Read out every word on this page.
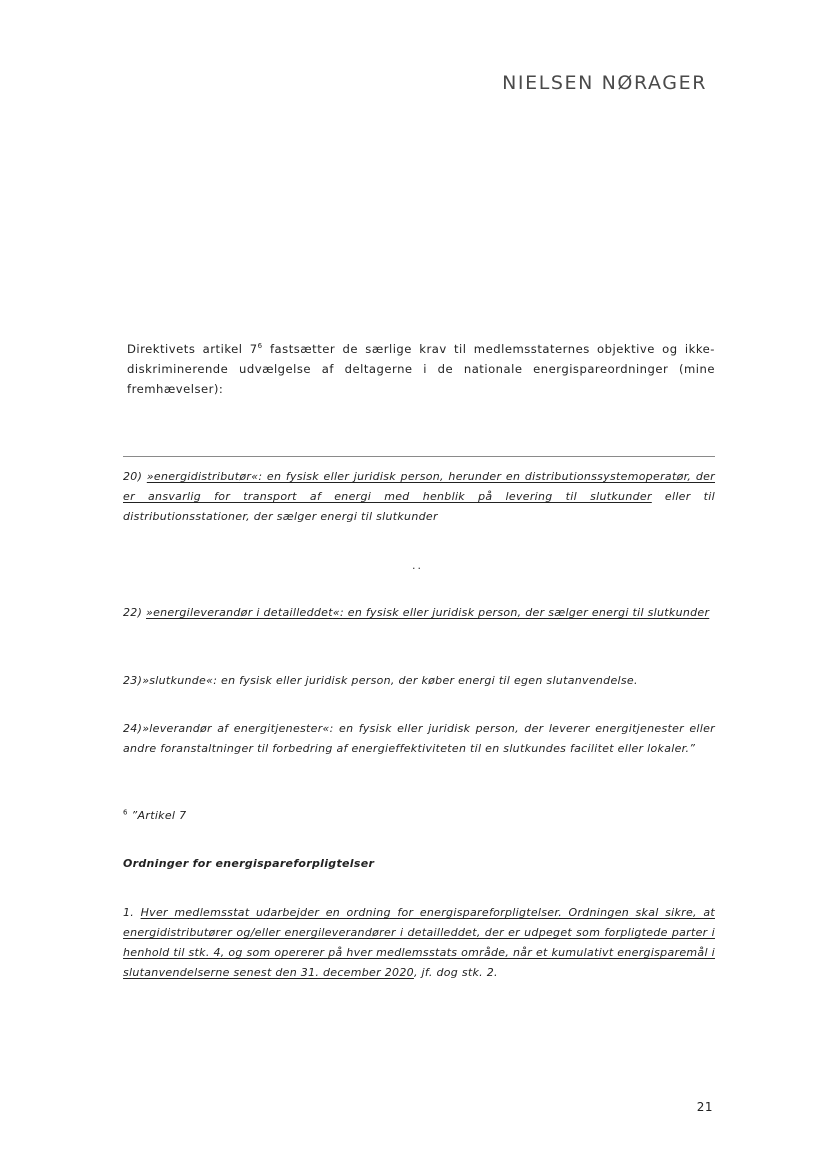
NIELSEN NØRAGER

Direktivets artikel $7^6$ fastsætter de særlige krav til medlemsstaternes objektive og ikke-diskriminerende udvælgelse af deltagerne i de nationale energispareordninger (mine fremhævelser):

20) »energidistributør«: en fysisk eller juridisk person, herunder en distributionssystemoperatør, der er ansvarlig for transport af energi med henblik på levering til slutkunder eller til distributionsstationer, der sælger energi til slutkunder

..

22) »energileverandør i detailleddet«: en fysisk eller juridisk person, der sælger energi til slutkunder

23)»slutkunde«: en fysisk eller juridisk person, der køber energi til egen slutanvendelse.

24)»leverandør af energitjenester«: en fysisk eller juridisk person, der leverer energitjenester eller andre foranstaltninger til forbedring af energieffektiviteten til en slutkundes facilitet eller lokaler.”

$^6$ ”Artikel 7

Ordninger for energispareforpligtelser

1. Hver medlemsstat udarbejder en ordning for energispareforpligtelser. Ordningen skal sikre, at energidistributører og/eller energileverandører i detailleddet, der er udpeget som forpligtede parter i henhold til stk. 4, og som opererer på hver medlemsstats område, når et kumulativt energisparemål i slutanvendelserne senest den 31. december 2020, jf. dog stk. 2.

21
